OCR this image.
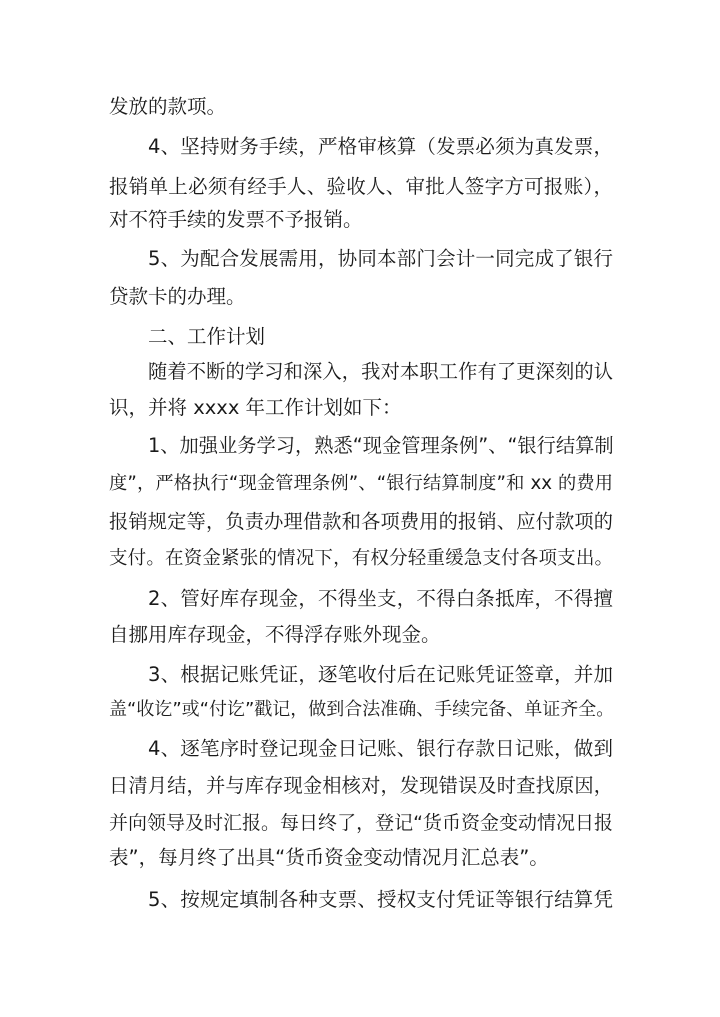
发放的款项。
4、坚持财务手续，严格审核算（发票必须为真发票，
报销单上必须有经手人、验收人、审批人签字方可报账），
对不符手续的发票不予报销。
5、为配合发展需用，协同本部门会计一同完成了银行
贷款卡的办理。
二、工作计划
随着不断的学习和深入，我对本职工作有了更深刻的认
识，并将 xxxx 年工作计划如下：
1、加强业务学习，熟悉“现金管理条例”、“银行结算制
度”，严格执行“现金管理条例”、“银行结算制度”和 xx 的费用
报销规定等，负责办理借款和各项费用的报销、应付款项的
支付。在资金紧张的情况下，有权分轻重缓急支付各项支出。
2、管好库存现金，不得坐支，不得白条抵库，不得擅
自挪用库存现金，不得浮存账外现金。
3、根据记账凭证，逐笔收付后在记账凭证签章，并加
盖“收讫”或“付讫”戳记，做到合法准确、手续完备、单证齐全。
4、逐笔序时登记现金日记账、银行存款日记账，做到
日清月结，并与库存现金相核对，发现错误及时查找原因，
并向领导及时汇报。每日终了，登记“货币资金变动情况日报
表”，每月终了出具“货币资金变动情况月汇总表”。
5、按规定填制各种支票、授权支付凭证等银行结算凭
